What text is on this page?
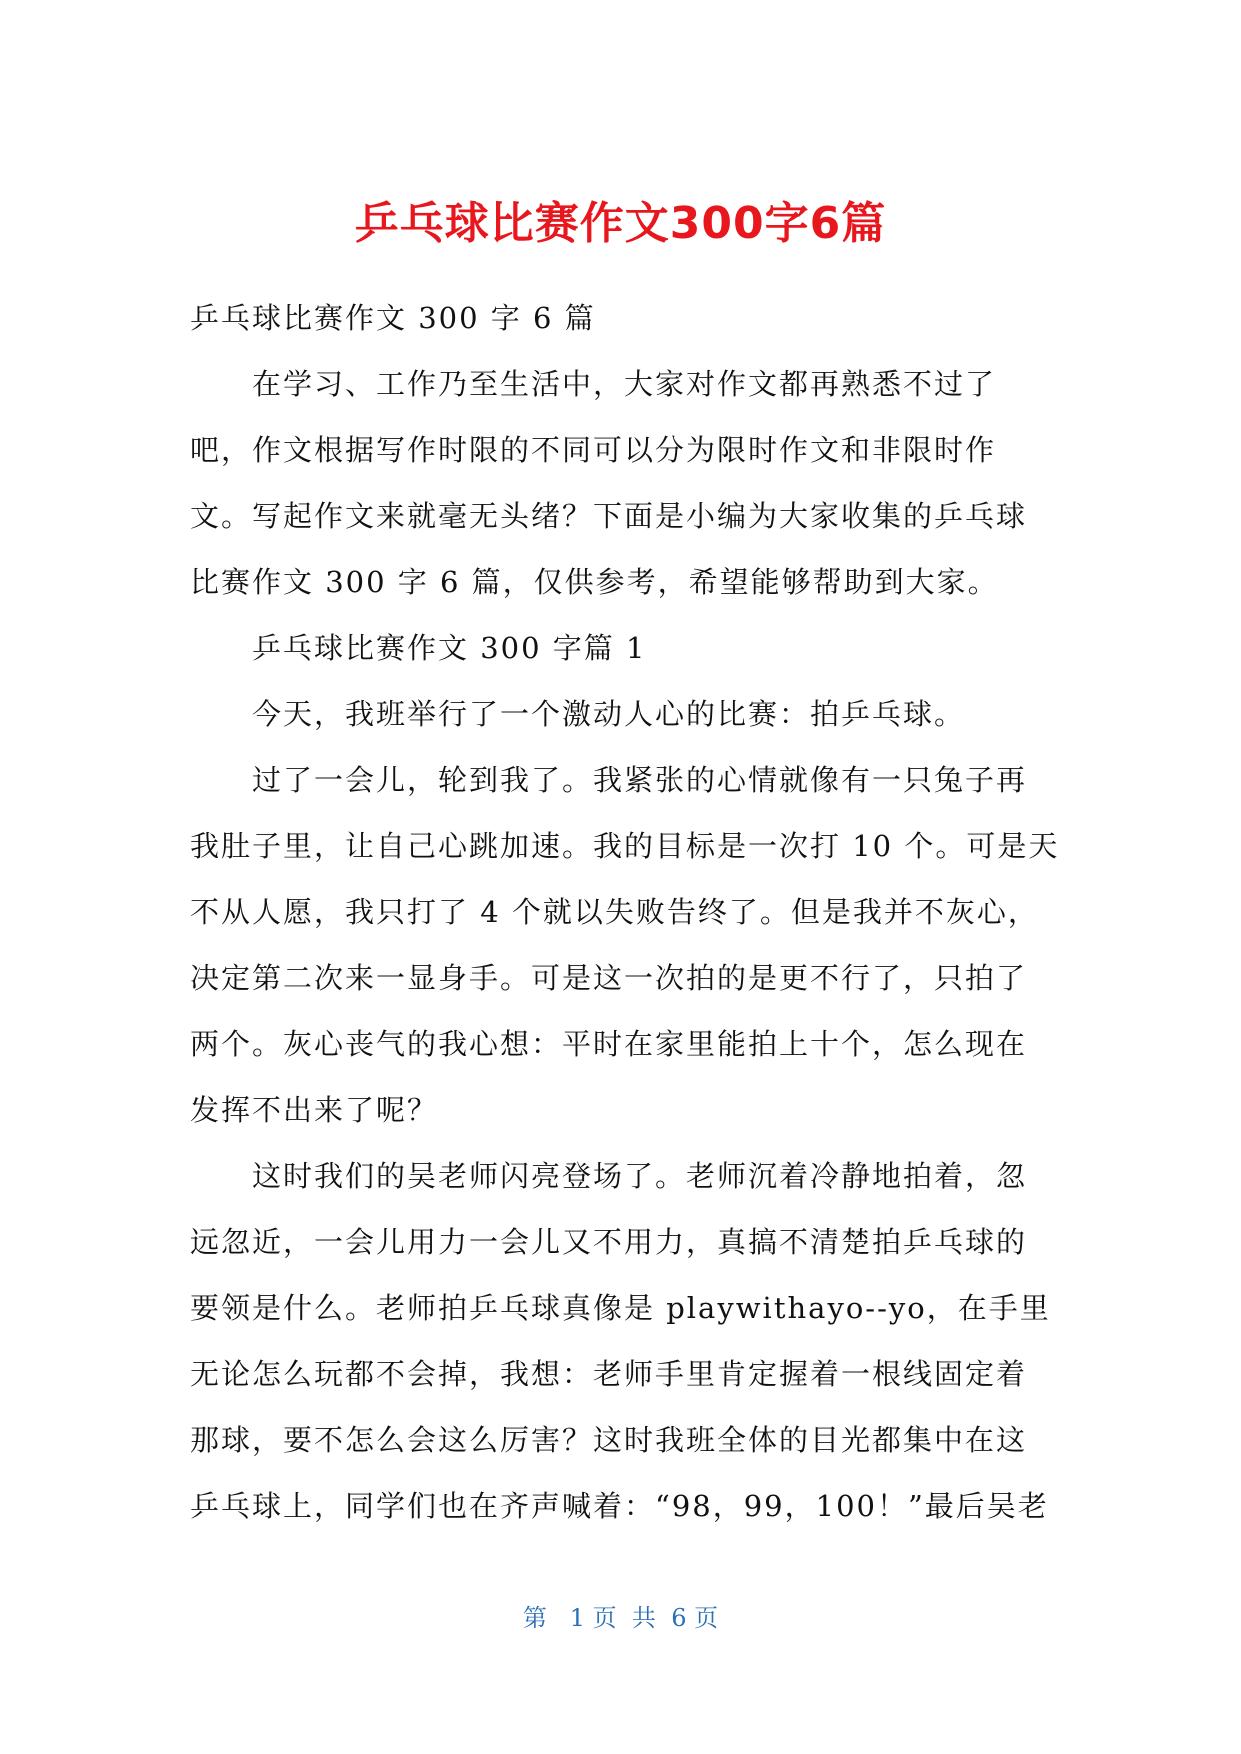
乒乓球比赛作文300字6篇
乒乓球比赛作文 300 字 6 篇
在学习、工作乃至生活中，大家对作文都再熟悉不过了
吧，作文根据写作时限的不同可以分为限时作文和非限时作
文。写起作文来就毫无头绪？下面是小编为大家收集的乒乓球
比赛作文 300 字 6 篇，仅供参考，希望能够帮助到大家。
乒乓球比赛作文 300 字篇 1
今天，我班举行了一个激动人心的比赛：拍乒乓球。
过了一会儿，轮到我了。我紧张的心情就像有一只兔子再
我肚子里，让自己心跳加速。我的目标是一次打 10 个。可是天
不从人愿，我只打了 4 个就以失败告终了。但是我并不灰心，
决定第二次来一显身手。可是这一次拍的是更不行了，只拍了
两个。灰心丧气的我心想：平时在家里能拍上十个，怎么现在
发挥不出来了呢？
这时我们的吴老师闪亮登场了。老师沉着冷静地拍着，忽
远忽近，一会儿用力一会儿又不用力，真搞不清楚拍乒乓球的
要领是什么。老师拍乒乓球真像是 playwithayo--yo，在手里
无论怎么玩都不会掉，我想：老师手里肯定握着一根线固定着
那球，要不怎么会这么厉害？这时我班全体的目光都集中在这
乒乓球上，同学们也在齐声喊着：“98，99，100！”最后吴老
第   1 页  共  6 页
